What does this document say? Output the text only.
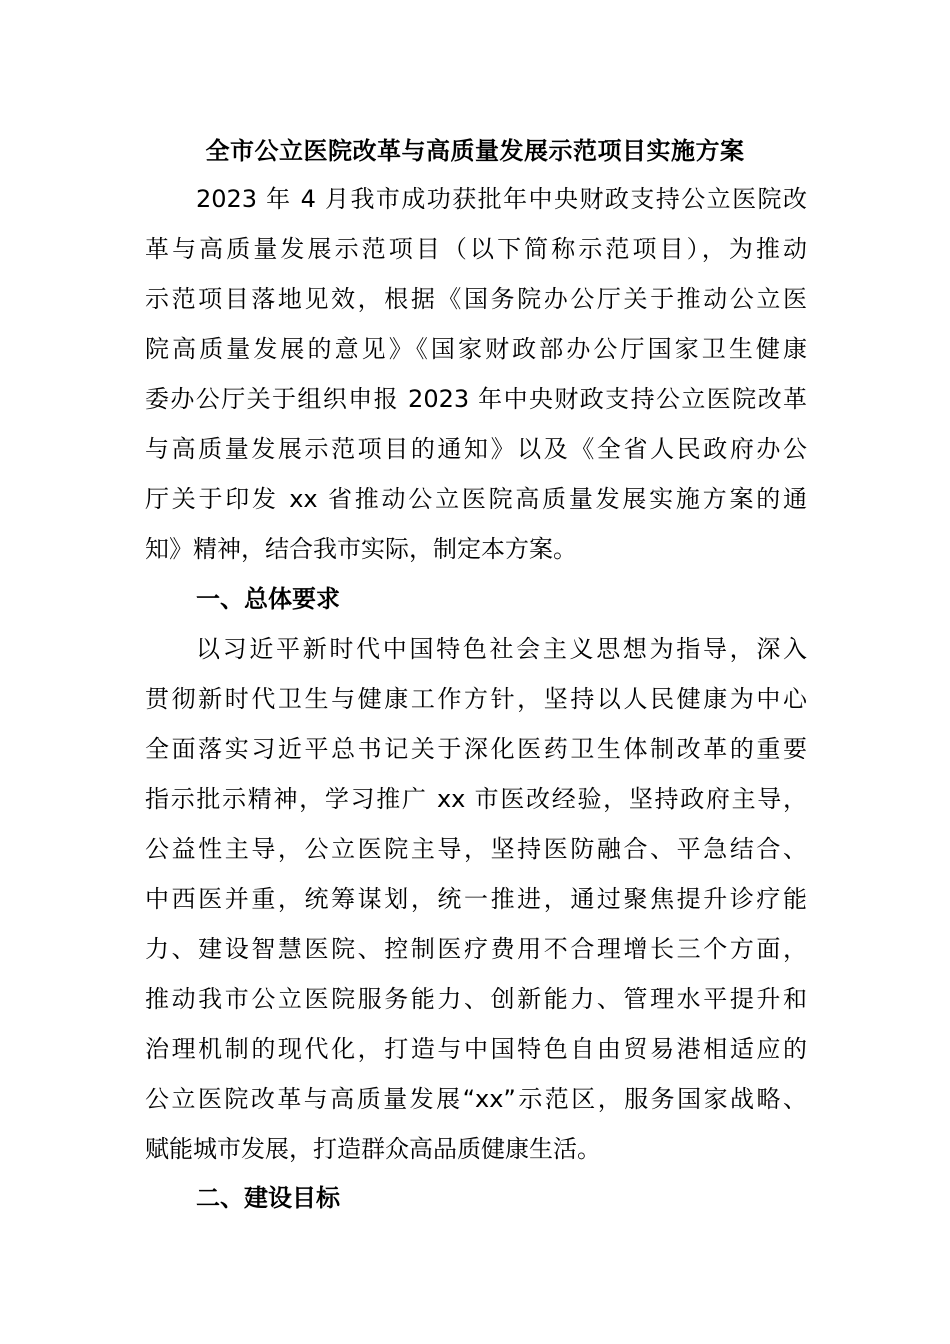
全市公立医院改革与高质量发展示范项目实施方案
2023 年 4 月我市成功获批年中央财政支持公立医院改
革与高质量发展示范项目（以下简称示范项目），为推动
示范项目落地见效，根据《国务院办公厅关于推动公立医
院高质量发展的意见》《国家财政部办公厅国家卫生健康
委办公厅关于组织申报 2023 年中央财政支持公立医院改革
与高质量发展示范项目的通知》以及《全省人民政府办公
厅关于印发 xx 省推动公立医院高质量发展实施方案的通
知》精神，结合我市实际，制定本方案。
一、总体要求
以习近平新时代中国特色社会主义思想为指导，深入
贯彻新时代卫生与健康工作方针，坚持以人民健康为中心
全面落实习近平总书记关于深化医药卫生体制改革的重要
指示批示精神，学习推广 xx 市医改经验，坚持政府主导，
公益性主导，公立医院主导，坚持医防融合、平急结合、
中西医并重，统筹谋划，统一推进，通过聚焦提升诊疗能
力、建设智慧医院、控制医疗费用不合理增长三个方面，
推动我市公立医院服务能力、创新能力、管理水平提升和
治理机制的现代化，打造与中国特色自由贸易港相适应的
公立医院改革与高质量发展“xx”示范区，服务国家战略、
赋能城市发展，打造群众高品质健康生活。
二、建设目标
